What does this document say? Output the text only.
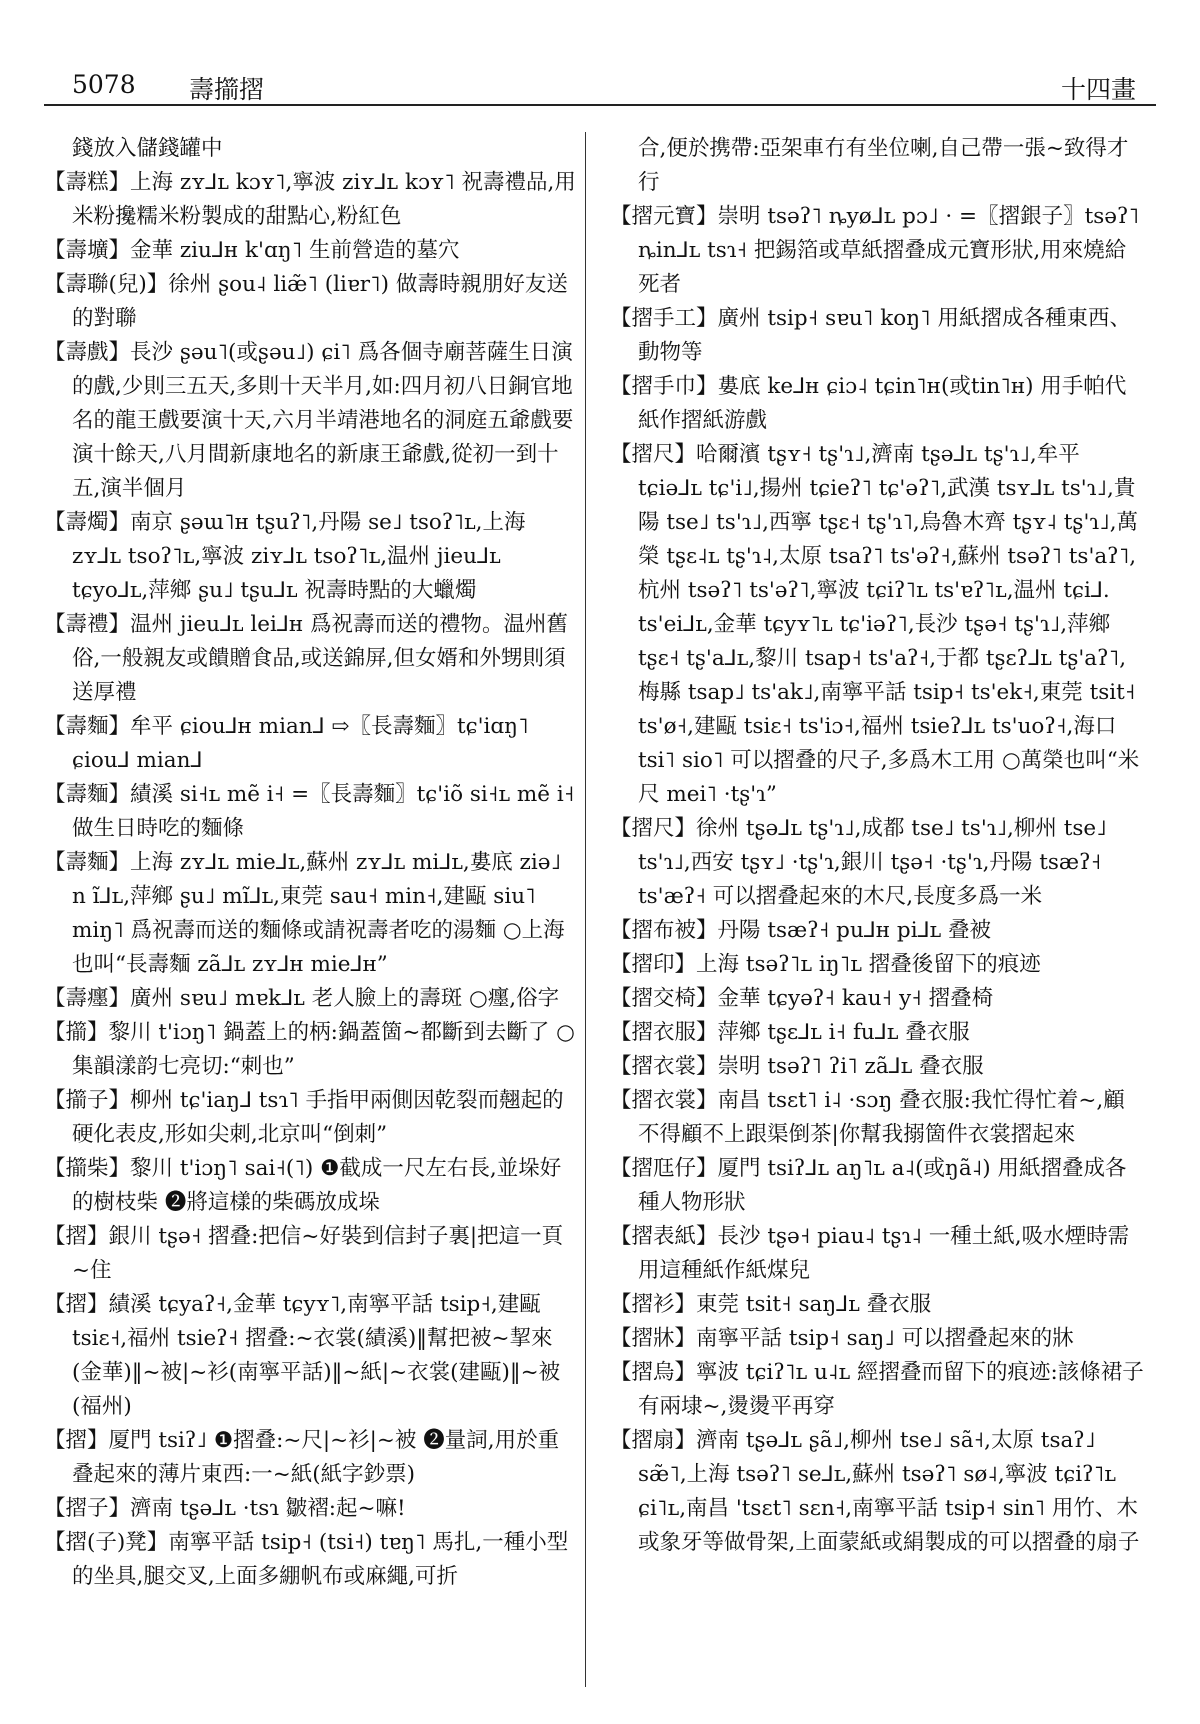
5078 壽擶摺	十四畫
錢放入儲錢罐中
【壽糕】上海 zʏ⅃ʟ kɔʏ˥,寧波 ziʏ⅃ʟ kɔʏ˥ 祝壽禮品,用米粉攙糯米粉製成的甜點心,粉紅色
【壽壙】金華 ziu⅃ʜ k'ɑŋ˥ 生前營造的墓穴
【壽聯(兒)】徐州 ʂou˨ liæ̃˥ (liɐr˥) 做壽時親朋好友送的對聯
【壽戲】長沙 ʂəu˥(或ʂəu˩) ɕi˥ 爲各個寺廟菩薩生日演的戲,少則三五天,多則十天半月,如:四月初八日銅官地名的龍王戲要演十天,六月半靖港地名的洞庭五爺戲要演十餘天,八月間新康地名的新康王爺戲,從初一到十五,演半個月
【壽燭】南京 ʂəɯ˥ʜ tʂuʔ˥,丹陽 se˩ tsoʔ˥ʟ,上海 zʏ⅃ʟ tsoʔ˥ʟ,寧波 ziʏ⅃ʟ tsoʔ˥ʟ,温州 jieu⅃ʟ tɕyo⅃ʟ,萍鄉 ʂu˩ tʂu⅃ʟ 祝壽時點的大蠟燭
【壽禮】温州 jieu⅃ʟ lei⅃ʜ 爲祝壽而送的禮物。温州舊俗,一般親友或饋贈食品,或送錦屏,但女婿和外甥則須送厚禮
【壽麵】牟平 ɕiou⅃ʜ mian⅃ ⇨〖長壽麵〗tɕ'iɑŋ˥ ɕiou⅃ mian⅃
【壽麵】績溪 si˧ʟ mẽ i˧ =〖長壽麵〗tɕ'iõ si˧ʟ mẽ i˧ 做生日時吃的麵條
【壽麵】上海 zʏ⅃ʟ mie⅃ʟ,蘇州 zʏ⅃ʟ mi⅃ʟ,婁底 ziə˩ n ĩ⅃ʟ,萍鄉 ʂu˩ mĩ⅃ʟ,東莞 sau˧ min˧,建甌 siu˥ miŋ˥ 爲祝壽而送的麵條或請祝壽者吃的湯麵 ○上海也叫“長壽麵 zã⅃ʟ zʏ⅃ʜ mie⅃ʜ”
【壽癦】廣州 sɐu˩ mɐk⅃ʟ 老人臉上的壽斑 ○癦,俗字
【擶】黎川 t'iɔŋ˥ 鍋蓋上的柄:鍋蓋箇~都斷到去斷了 ○集韻漾韵七亮切:“刺也”
【擶子】柳州 tɕ'iaŋ⅃ tsɿ˥ 手指甲兩側因乾裂而翹起的硬化表皮,形如尖刺,北京叫“倒刺”
【擶柴】黎川 t'iɔŋ˥ sai˧(˥) ❶截成一尺左右長,並垛好的樹枝柴 ❷將這樣的柴碼放成垛
【摺】銀川 tʂə˧ 摺叠:把信~好裝到信封子裏|把這一頁~住
【摺】績溪 tɕyaʔ˧,金華 tɕyʏ˥,南寧平話 tsip˧,建甌 tsiɛ˧,福州 tsieʔ˧ 摺叠:~衣裳(績溪)‖幫把被~挈來(金華)‖~被|~衫(南寧平話)‖~紙|~衣裳(建甌)‖~被(福州)
【摺】厦門 tsiʔ˩ ❶摺叠:~尺|~衫|~被 ❷量詞,用於重叠起來的薄片東西:一~紙(紙字鈔票)
【摺子】濟南 tʂə⅃ʟ ·tsɿ 皺褶:起~嘛!
【摺(子)凳】南寧平話 tsip˧ (tsi˧) tɐŋ˥ 馬扎,一種小型的坐具,腿交叉,上面多綳帆布或麻繩,可折
合,便於携帶:亞架車冇有坐位喇,自己帶一張~致得才行
【摺元寶】崇明 tsəʔ˥ ȵyø⅃ʟ pɔ˩ · =〖摺銀子〗tsəʔ˥ ȵin⅃ʟ tsɿ˧ 把錫箔或草紙摺叠成元寶形狀,用來燒給死者
【摺手工】廣州 tsip˧ sɐu˥ koŋ˥ 用紙摺成各種東西、動物等
【摺手巾】婁底 ke⅃ʜ ɕiɔ˨ tɕin˥ʜ(或tin˥ʜ) 用手帕代紙作摺紙游戲
【摺尺】哈爾濱 tʂʏ˧ tʂ'ɿ˩,濟南 tʂə⅃ʟ tʂ'ɿ˩,牟平 tɕiə⅃ʟ tɕ'i˩,揚州 tɕieʔ˥ tɕ'əʔ˥,武漢 tsʏ⅃ʟ ts'ɿ˩,貴陽 tse˩ ts'ɿ˩,西寧 tʂɛ˧ tʂ'ɿ˥,烏魯木齊 tʂʏ˨ tʂ'ɿ˩,萬榮 tʂɛ˨ʟ tʂ'ɿ˨,太原 tsaʔ˥ ts'əʔ˧,蘇州 tsəʔ˥ ts'aʔ˥,杭州 tsəʔ˥ ts'əʔ˥,寧波 tɕiʔ˥ʟ ts'ɐʔ˥ʟ,温州 tɕi⅃. ts'ei⅃ʟ,金華 tɕyʏ˥ʟ tɕ'iəʔ˥,長沙 tʂə˧ tʂ'ɿ˩,萍鄉 tʂɛ˧ tʂ'a⅃ʟ,黎川 tsap˧ ts'aʔ˧,于都 tʂɛʔ⅃ʟ tʂ'aʔ˥,梅縣 tsap˩ ts'ak˩,南寧平話 tsip˧ ts'ek˧,東莞 tsit˧ ts'ø˧,建甌 tsiɛ˧ ts'iɔ˧,福州 tsieʔ⅃ʟ ts'uoʔ˧,海口 tsi˥ sio˥ 可以摺叠的尺子,多爲木工用 ○萬榮也叫“米尺 mei˥ ·tʂ'ɿ”
【摺尺】徐州 tʂə⅃ʟ tʂ'ɿ˩,成都 tse˩ ts'ɿ˩,柳州 tse˩ ts'ɿ˩,西安 tʂʏ˩ ·tʂ'ɿ,銀川 tʂə˧ ·tʂ'ɿ,丹陽 tsæʔ˧ ts'æʔ˧ 可以摺叠起來的木尺,長度多爲一米
【摺布被】丹陽 tsæʔ˧ pu⅃ʜ pi⅃ʟ 叠被
【摺印】上海 tsəʔ˥ʟ iŋ˥ʟ 摺叠後留下的痕迹
【摺交椅】金華 tɕyəʔ˧ kau˧ y˧ 摺叠椅
【摺衣服】萍鄉 tʂɛ⅃ʟ i˧ fu⅃ʟ 叠衣服
【摺衣裳】崇明 tsəʔ˥ ʔi˥ zã⅃ʟ 叠衣服
【摺衣裳】南昌 tsɛt˥ i˨ ·sɔŋ 叠衣服:我忙得忙着~,顧不得顧不上跟渠倒茶|你幫我搦箇件衣裳摺起來
【摺尫仔】厦門 tsiʔ⅃ʟ aŋ˥ʟ a˨(或ŋã˨) 用紙摺叠成各種人物形狀
【摺表紙】長沙 tʂə˧ piau˨ tʂɿ˨ 一種土紙,吸水煙時需用這種紙作紙煤兒
【摺衫】東莞 tsit˧ saŋ⅃ʟ 叠衣服
【摺牀】南寧平話 tsip˧ saŋ˩ 可以摺叠起來的牀
【摺烏】寧波 tɕiʔ˥ʟ u˨ʟ 經摺叠而留下的痕迹:該條裙子有兩埭~,燙燙平再穿
【摺扇】濟南 tʂə⅃ʟ ʂã˩,柳州 tse˩ sã˧,太原 tsaʔ˩ sæ̃˥,上海 tsəʔ˥ se⅃ʟ,蘇州 tsəʔ˥ sø˨,寧波 tɕiʔ˥ʟ ɕi˥ʟ,南昌 'tsɛt˥ sɛn˧,南寧平話 tsip˧ sin˥ 用竹、木或象牙等做骨架,上面蒙紙或絹製成的可以摺叠的扇子
